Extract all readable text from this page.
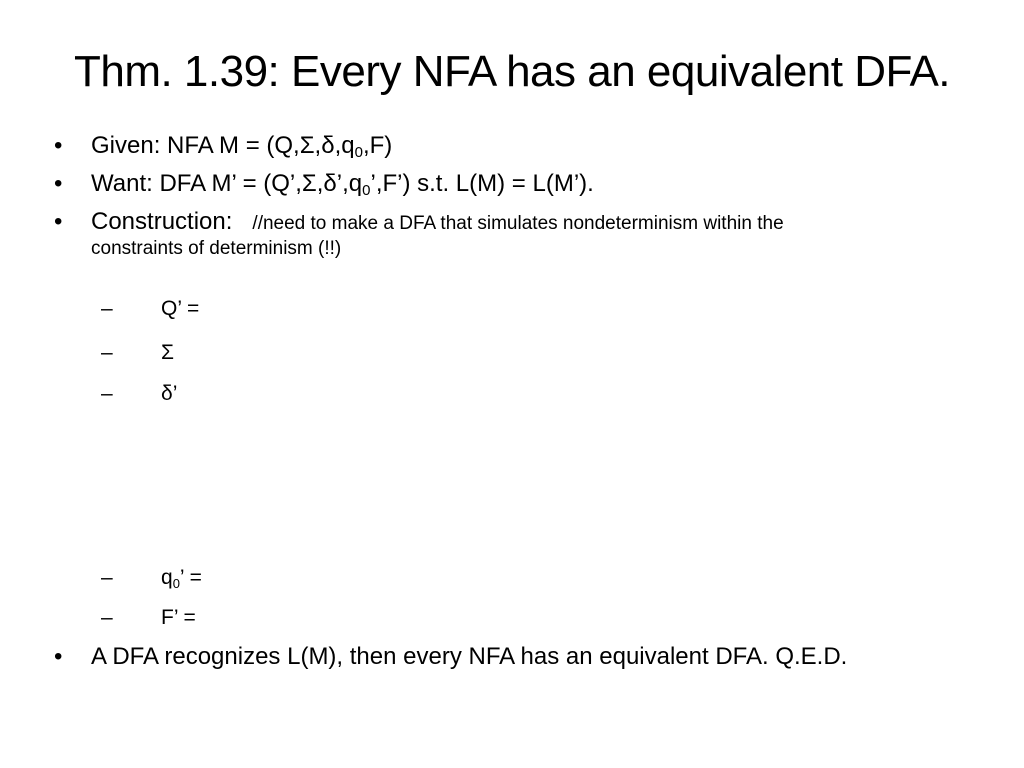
Thm. 1.39: Every NFA has an equivalent DFA.
• Given: NFA $M = (Q,\Sigma,\delta,q_0,F)$
• Want: DFA M’ = $(Q’,\Sigma,\delta’,q_0’,F’)$ s.t. L(M) = L(M’).
• Construction: //need to make a DFA that simulates nondeterminism within the
constraints of determinism (!!)
– Q’ =
– Σ
– δ’
– $q_0$’ =
– F’ =
• A DFA recognizes L(M), then every NFA has an equivalent DFA. Q.E.D.
